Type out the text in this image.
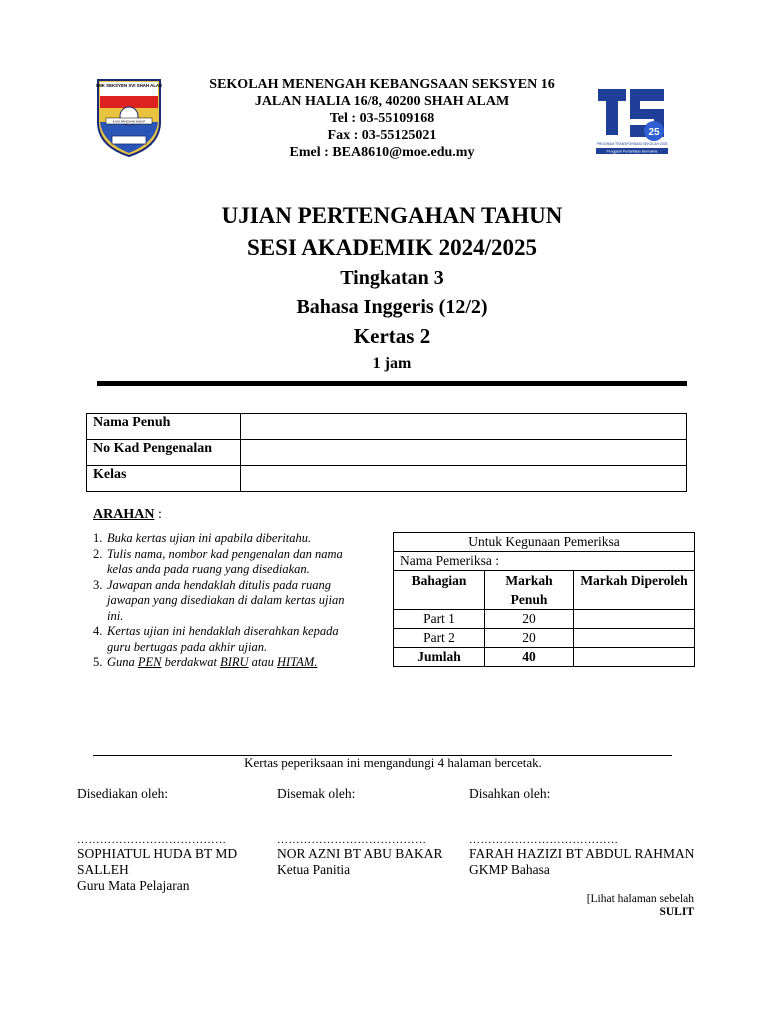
SMK SEKSYEN XVI SHAH ALAM
ILMU PANDUAN HIDUP
SEKOLAH MENENGAH KEBANGSAAN SEKSYEN 16
JALAN HALIA 16/8, 40200 SHAH ALAM
Tel : 03-55109168
Fax : 03-55125021
Emel : BEA8610@moe.edu.my
25
PROGRAM TRANSFORMASI SEKOLAH 2025
Pengganti Pentanfatan Bermakna
UJIAN PERTENGAHAN TAHUN
SESI AKADEMIK 2024/2025
Tingkatan 3
Bahasa Inggeris (12/2)
Kertas 2
1 jam
Nama Penuh	
No Kad Pengenalan	
Kelas	
ARAHAN :
1. Buka kertas ujian ini apabila diberitahu.
2. Tulis nama, nombor kad pengenalan dan nama kelas anda pada ruang yang disediakan.
3. Jawapan anda hendaklah ditulis pada ruang jawapan yang disediakan di dalam kertas ujian ini.
4. Kertas ujian ini hendaklah diserahkan kepada guru bertugas pada akhir ujian.
5. Guna PEN berdakwat BIRU atau HITAM.
Untuk Kegunaan Pemeriksa		
Nama Pemeriksa :		
Bahagian	Markah Penuh	Markah Diperoleh
Part 1	20	
Part 2	20	
Jumlah	40	
Kertas peperiksaan ini mengandungi 4 halaman bercetak.
Disediakan oleh:
…………………………………
SOPHIATUL HUDA BT MD SALLEH
Guru Mata Pelajaran
Disemak oleh:
…………………………………
NOR AZNI BT ABU BAKAR
Ketua Panitia
Disahkan oleh:
…………………………………
FARAH HAZIZI BT ABDUL RAHMAN
GKMP Bahasa
[Lihat halaman sebelah
SULIT
